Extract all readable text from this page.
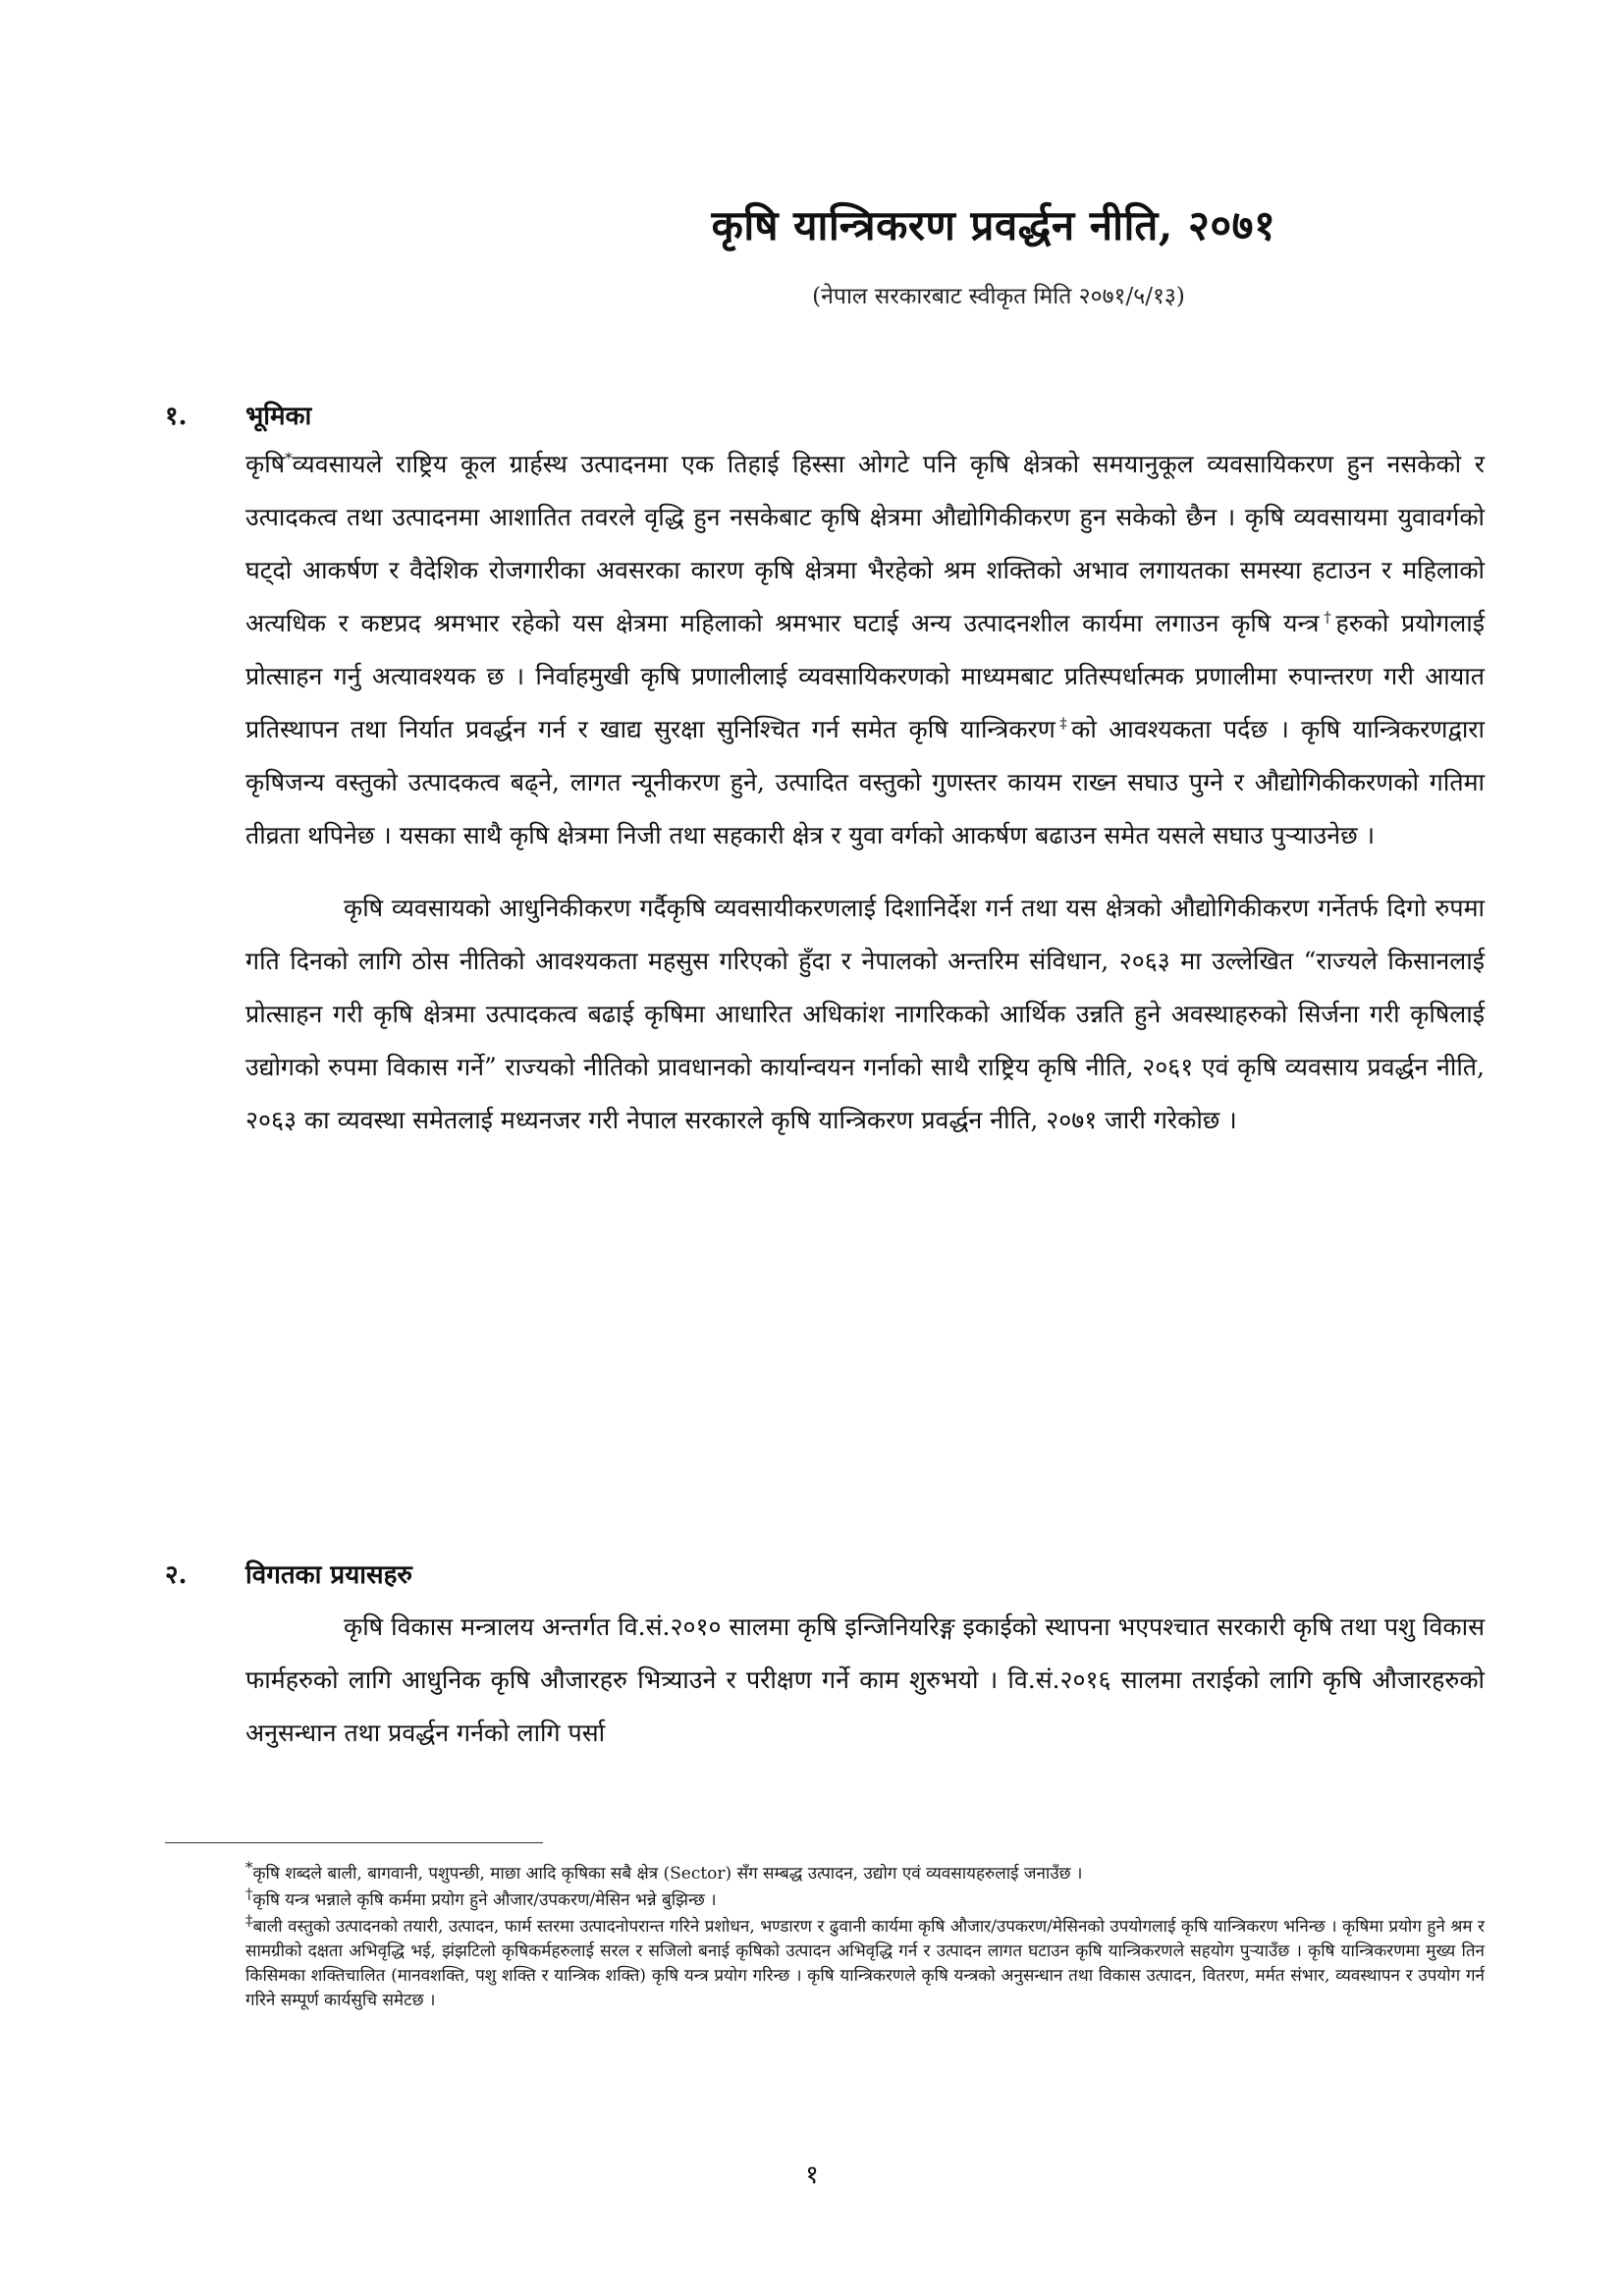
कृषि यान्त्रिकरण प्रवर्द्धन नीति, २०७१
(नेपाल सरकारबाट स्वीकृत मिति २०७१/५/१३)
१.	भूमिका

कृषि*व्यवसायले राष्ट्रिय कूल ग्रार्हस्थ उत्पादनमा एक तिहाई हिस्सा ओगटे पनि कृषि क्षेत्रको समयानुकूल व्यवसायिकरण हुन नसकेको र उत्पादकत्व तथा उत्पादनमा आशातित तवरले वृद्धि हुन नसकेबाट कृषि क्षेत्रमा औद्योगिकीकरण हुन सकेको छैन । कृषि व्यवसायमा युवावर्गको घट्दो आकर्षण र वैदेशिक रोजगारीका अवसरका कारण कृषि क्षेत्रमा भैरहेको श्रम शक्तिको अभाव लगायतका समस्या हटाउन र महिलाको अत्यधिक र कष्टप्रद श्रमभार रहेको यस क्षेत्रमा महिलाको श्रमभार घटाई अन्य उत्पादनशील कार्यमा लगाउन कृषि यन्त्र†हरुको प्रयोगलाई प्रोत्साहन गर्नु अत्यावश्यक छ । निर्वाहमुखी कृषि प्रणालीलाई व्यवसायिकरणको माध्यमबाट प्रतिस्पर्धात्मक प्रणालीमा रुपान्तरण गरी आयात प्रतिस्थापन तथा निर्यात प्रवर्द्धन गर्न र खाद्य सुरक्षा सुनिश्चित गर्न समेत कृषि यान्त्रिकरण‡को आवश्यकता पर्दछ । कृषि यान्त्रिकरणद्वारा कृषिजन्य वस्तुको उत्पादकत्व बढ्ने, लागत न्यूनीकरण हुने, उत्पादित वस्तुको गुणस्तर कायम राख्न सघाउ पुग्ने र औद्योगिकीकरणको गतिमा तीव्रता थपिनेछ । यसका साथै कृषि क्षेत्रमा निजी तथा सहकारी क्षेत्र र युवा वर्गको आकर्षण बढाउन समेत यसले सघाउ पुऱ्याउनेछ ।

कृषि व्यवसायको आधुनिकीकरण गर्दैकृषि व्यवसायीकरणलाई दिशानिर्देश गर्न तथा यस क्षेत्रको औद्योगिकीकरण गर्नेतर्फ दिगो रुपमा गति दिनको लागि ठोस नीतिको आवश्यकता महसुस गरिएको हुँदा र नेपालको अन्तरिम संविधान, २०६३ मा उल्लेखित “राज्यले किसानलाई प्रोत्साहन गरी कृषि क्षेत्रमा उत्पादकत्व बढाई कृषिमा आधारित अधिकांश नागरिकको आर्थिक उन्नति हुने अवस्थाहरुको सिर्जना गरी कृषिलाई उद्योगको रुपमा विकास गर्ने” राज्यको नीतिको प्रावधानको कार्यान्वयन गर्नाको साथै राष्ट्रिय कृषि नीति, २०६१ एवं कृषि व्यवसाय प्रवर्द्धन नीति, २०६३ का व्यवस्था समेतलाई मध्यनजर गरी नेपाल सरकारले कृषि यान्त्रिकरण प्रवर्द्धन नीति, २०७१ जारी गरेकोछ ।

२.	विगतका प्रयासहरु

कृषि विकास मन्त्रालय अन्तर्गत वि.सं.२०१० सालमा कृषि इन्जिनियरिङ्ग इकाईको स्थापना भएपश्चात सरकारी कृषि तथा पशु विकास फार्महरुको लागि आधुनिक कृषि औजारहरु भित्र्याउने र परीक्षण गर्ने काम शुरुभयो । वि.सं.२०१६ सालमा तराईको लागि कृषि औजारहरुको अनुसन्धान तथा प्रवर्द्धन गर्नको लागि पर्सा

*कृषि शब्दले बाली, बागवानी, पशुपन्छी, माछा आदि कृषिका सबै क्षेत्र (Sector) सँग सम्बद्ध उत्पादन, उद्योग एवं व्यवसायहरुलाई जनाउँछ ।

†कृषि यन्त्र भन्नाले कृषि कर्ममा प्रयोग हुने औजार/उपकरण/मेसिन भन्ने बुझिन्छ ।

‡बाली वस्तुको उत्पादनको तयारी, उत्पादन, फार्म स्तरमा उत्पादनोपरान्त गरिने प्रशोधन, भण्डारण र ढुवानी कार्यमा कृषि औजार/उपकरण/मेसिनको उपयोगलाई कृषि यान्त्रिकरण भनिन्छ । कृषिमा प्रयोग हुने श्रम र सामग्रीको दक्षता अभिवृद्धि भई, झंझटिलो कृषिकर्महरुलाई सरल र सजिलो बनाई कृषिको उत्पादन अभिवृद्धि गर्न र उत्पादन लागत घटाउन कृषि यान्त्रिकरणले सहयोग पुऱ्याउँछ । कृषि यान्त्रिकरणमा मुख्य तिन किसिमका शक्तिचालित (मानवशक्ति, पशु शक्ति र यान्त्रिक शक्ति) कृषि यन्त्र प्रयोग गरिन्छ । कृषि यान्त्रिकरणले कृषि यन्त्रको अनुसन्धान तथा विकास उत्पादन, वितरण, मर्मत संभार, व्यवस्थापन र उपयोग गर्न गरिने सम्पूर्ण कार्यसुचि समेटछ ।

१
